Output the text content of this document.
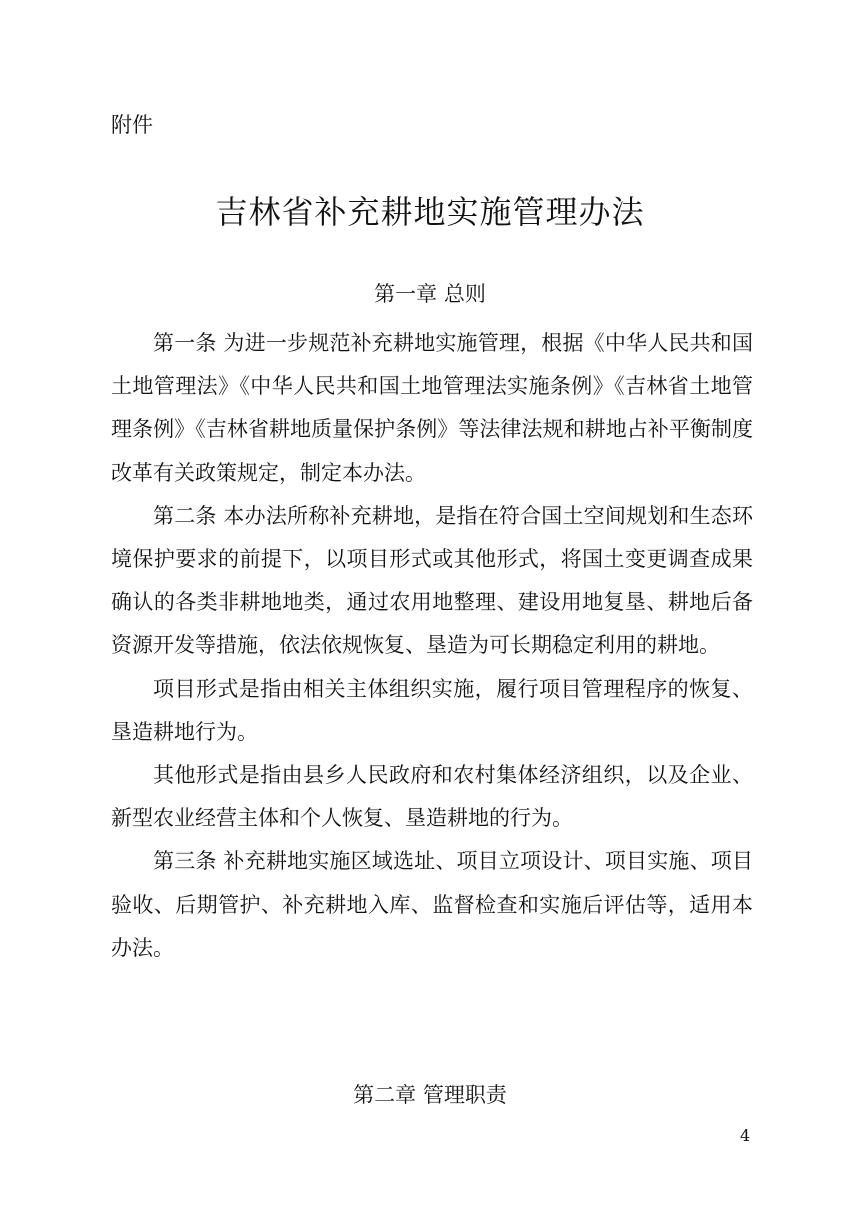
附件
吉林省补充耕地实施管理办法
第一章 总则

第一条 为进一步规范补充耕地实施管理，根据《中华人民共和国土地管理法》《中华人民共和国土地管理法实施条例》《吉林省土地管理条例》《吉林省耕地质量保护条例》等法律法规和耕地占补平衡制度改革有关政策规定，制定本办法。

第二条 本办法所称补充耕地，是指在符合国土空间规划和生态环境保护要求的前提下，以项目形式或其他形式，将国土变更调查成果确认的各类非耕地地类，通过农用地整理、建设用地复垦、耕地后备资源开发等措施，依法依规恢复、垦造为可长期稳定利用的耕地。

项目形式是指由相关主体组织实施，履行项目管理程序的恢复、垦造耕地行为。

其他形式是指由县乡人民政府和农村集体经济组织，以及企业、新型农业经营主体和个人恢复、垦造耕地的行为。

第三条 补充耕地实施区域选址、项目立项设计、项目实施、项目验收、后期管护、补充耕地入库、监督检查和实施后评估等，适用本办法。

第二章 管理职责
4
